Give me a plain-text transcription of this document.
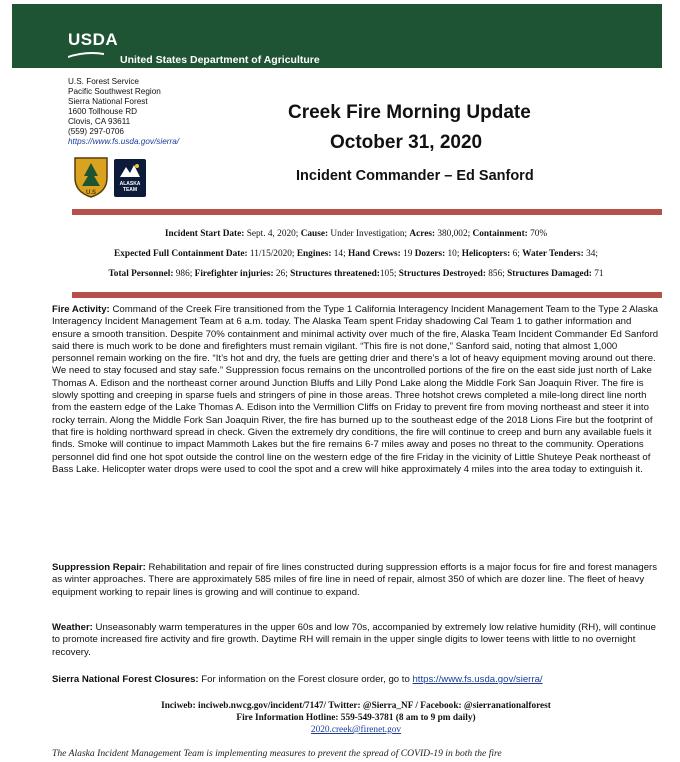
USDA
United States Department of Agriculture
U.S. Forest Service
Pacific Southwest Region
Sierra National Forest
1600 Tollhouse RD
Clovis, CA 93611
(559) 297-0706
https://www.fs.usda.gov/sierra/
U.S
ALASKA TEAM
Creek Fire Morning Update
October 31, 2020
Incident Commander – Ed Sanford
Incident Start Date: Sept. 4, 2020; Cause: Under Investigation; Acres: 380,002; Containment: 70%
Expected Full Containment Date: 11/15/2020; Engines: 14; Hand Crews: 19 Dozers: 10; Helicopters: 6; Water Tenders: 34;
Total Personnel: 986; Firefighter injuries: 26; Structures threatened:105; Structures Destroyed: 856; Structures Damaged: 71
Fire Activity: Command of the Creek Fire transitioned from the Type 1 California Interagency Incident Management Team to the Type 2 Alaska Interagency Incident Management Team at 6 a.m. today. The Alaska Team spent Friday shadowing Cal Team 1 to gather information and ensure a smooth transition. Despite 70% containment and minimal activity over much of the fire, Alaska Team Incident Commander Ed Sanford said there is much work to be done and firefighters must remain vigilant. “This fire is not done,” Sanford said, noting that almost 1,000 personnel remain working on the fire. “It’s hot and dry, the fuels are getting drier and there’s a lot of heavy equipment moving around out there. We need to stay focused and stay safe.” Suppression focus remains on the uncontrolled portions of the fire on the east side just north of Lake Thomas A. Edison and the northeast corner around Junction Bluffs and Lilly Pond Lake along the Middle Fork San Joaquin River. The fire is slowly spotting and creeping in sparse fuels and stringers of pine in those areas. Three hotshot crews completed a mile-long direct line north from the eastern edge of the Lake Thomas A. Edison into the Vermillion Cliffs on Friday to prevent fire from moving northeast and steer it into rocky terrain. Along the Middle Fork San Joaquin River, the fire has burned up to the southeast edge of the 2018 Lions Fire but the footprint of that fire is holding northward spread in check. Given the extremely dry conditions, the fire will continue to creep and burn any available fuels it finds. Smoke will continue to impact Mammoth Lakes but the fire remains 6-7 miles away and poses no threat to the community. Operations personnel did find one hot spot outside the control line on the western edge of the fire Friday in the vicinity of Little Shuteye Peak northeast of Bass Lake. Helicopter water drops were used to cool the spot and a crew will hike approximately 4 miles into the area today to extinguish it.
Suppression Repair: Rehabilitation and repair of fire lines constructed during suppression efforts is a major focus for fire and forest managers as winter approaches. There are approximately 585 miles of fire line in need of repair, almost 350 of which are dozer line. The fleet of heavy equipment working to repair lines is growing and will continue to expand.
Weather: Unseasonably warm temperatures in the upper 60s and low 70s, accompanied by extremely low relative humidity (RH), will continue to promote increased fire activity and fire growth. Daytime RH will remain in the upper single digits to lower teens with little to no overnight recovery.
Sierra National Forest Closures: For information on the Forest closure order, go to https://www.fs.usda.gov/sierra/
Inciweb: inciweb.nwcg.gov/incident/7147/ Twitter: @Sierra_NF / Facebook: @sierranationalforest
Fire Information Hotline: 559-549-3781 (8 am to 9 pm daily)
2020.creek@firenet.gov
The Alaska Incident Management Team is implementing measures to prevent the spread of COVID-19 in both the fire
